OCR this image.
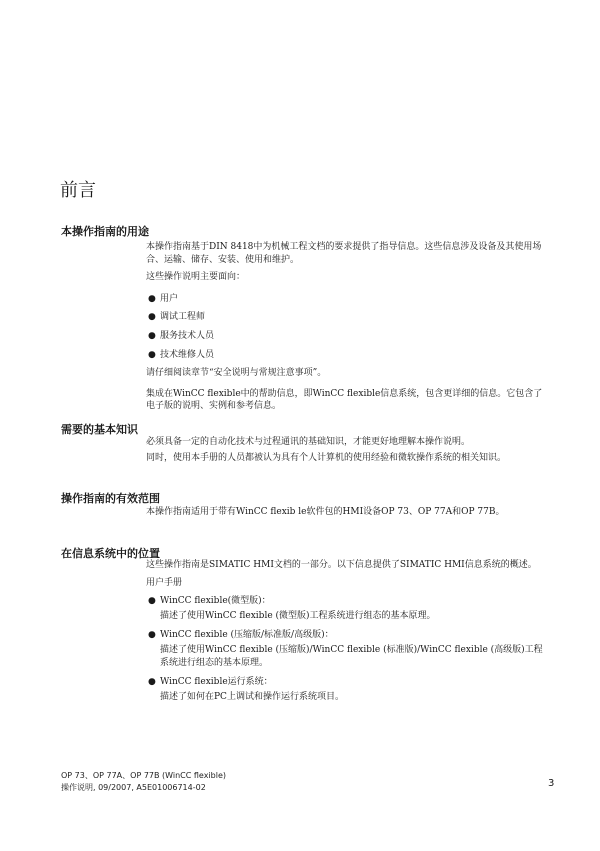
前言
本操作指南的用途

本操作指南基于DIN 8418中为机械工程文档的要求提供了指导信息。这些信息涉及设备及其使用场合、运输、储存、安装、使用和维护。

这些操作说明主要面向：

● 用户
● 调试工程师
● 服务技术人员
● 技术维修人员

请仔细阅读章节“安全说明与常规注意事项”。

集成在WinCC flexible中的帮助信息，即WinCC flexible信息系统，包含更详细的信息。它包含了电子版的说明、实例和参考信息。

需要的基本知识

必须具备一定的自动化技术与过程通讯的基础知识，才能更好地理解本操作说明。

同时，使用本手册的人员都被认为具有个人计算机的使用经验和微软操作系统的相关知识。

操作指南的有效范围

本操作指南适用于带有WinCC flexib le软件包的HMI设备OP 73、OP 77A和OP 77B。

在信息系统中的位置

这些操作指南是SIMATIC HMI文档的一部分。以下信息提供了SIMATIC HMI信息系统的概述。

用户手册

● WinCC flexible(微型版)：
描述了使用WinCC flexible (微型版)工程系统进行组态的基本原理。
● WinCC flexible (压缩版/标准版/高级版)：
描述了使用WinCC flexible (压缩版)/WinCC flexible (标准版)/WinCC flexible (高级版)工程系统进行组态的基本原理。
● WinCC flexible运行系统：
描述了如何在PC上调试和操作运行系统项目。
OP 73、OP 77A、OP 77B (WinCC flexible)
操作说明, 09/2007, A5E01006714-02	3
